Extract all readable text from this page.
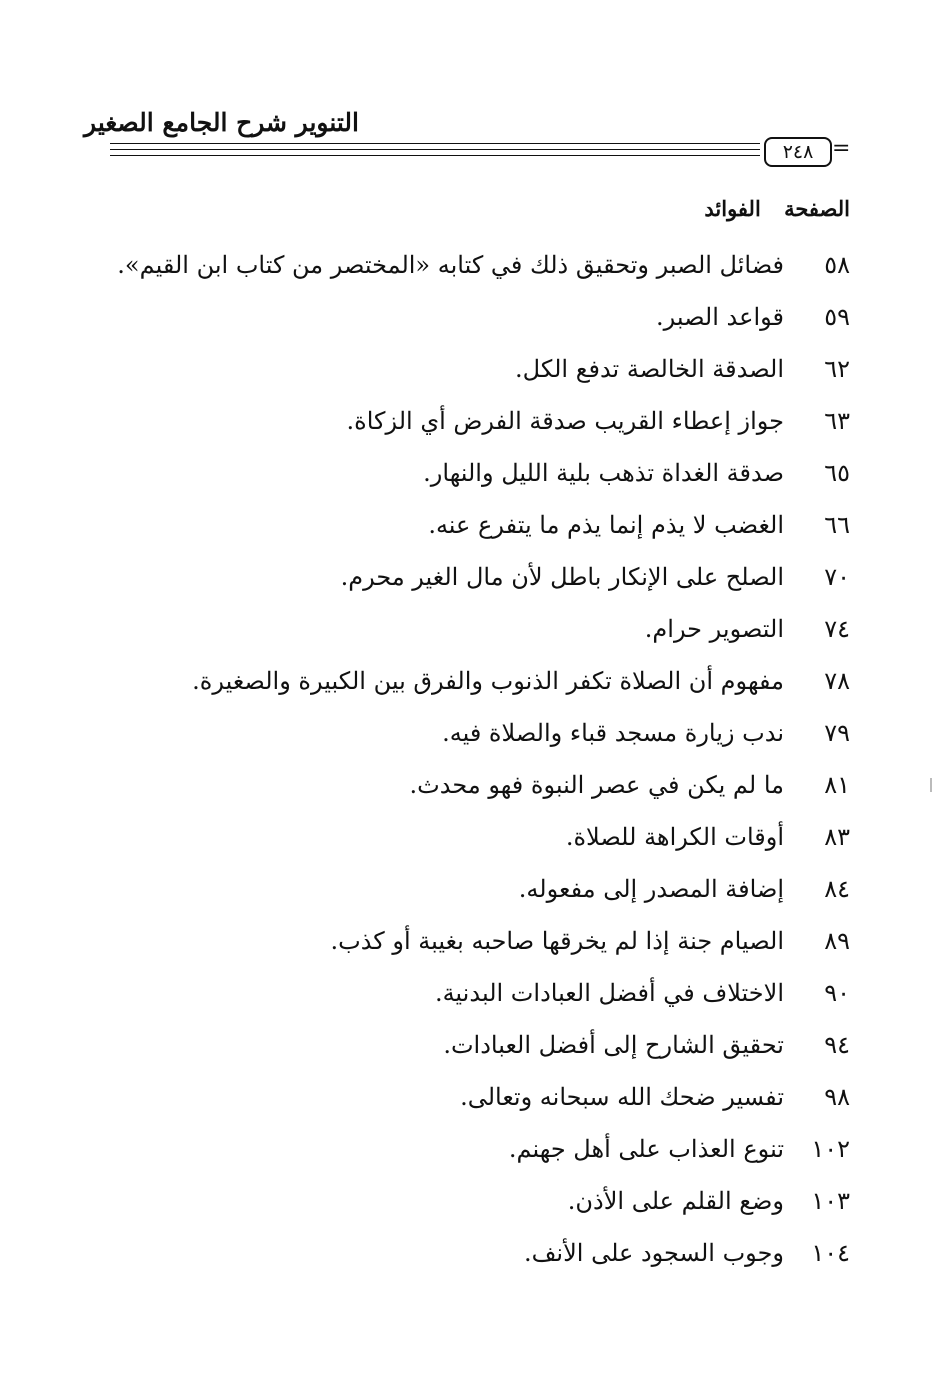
التنوير شرح الجامع الصغير
٢٤٨ =
الصفحة الفوائد
٥٨
فضائل الصبر وتحقيق ذلك في كتابه «المختصر من كتاب ابن القيم».
٥٩
قواعد الصبر.
٦٢
الصدقة الخالصة تدفع الكل.
٦٣
جواز إعطاء القريب صدقة الفرض أي الزكاة.
٦٥
صدقة الغداة تذهب بلية الليل والنهار.
٦٦
الغضب لا يذم إنما يذم ما يتفرع عنه.
٧٠
الصلح على الإنكار باطل لأن مال الغير محرم.
٧٤
التصوير حرام.
٧٨
مفهوم أن الصلاة تكفر الذنوب والفرق بين الكبيرة والصغيرة.
٧٩
ندب زيارة مسجد قباء والصلاة فيه.
٨١
ما لم يكن في عصر النبوة فهو محدث.
٨٣
أوقات الكراهة للصلاة.
٨٤
إضافة المصدر إلى مفعوله.
٨٩
الصيام جنة إذا لم يخرقها صاحبه بغيبة أو كذب.
٩٠
الاختلاف في أفضل العبادات البدنية.
٩٤
تحقيق الشارح إلى أفضل العبادات.
٩٨
تفسير ضحك الله سبحانه وتعالى.
١٠٢
تنوع العذاب على أهل جهنم.
١٠٣
وضع القلم على الأذن.
١٠٤
وجوب السجود على الأنف.
